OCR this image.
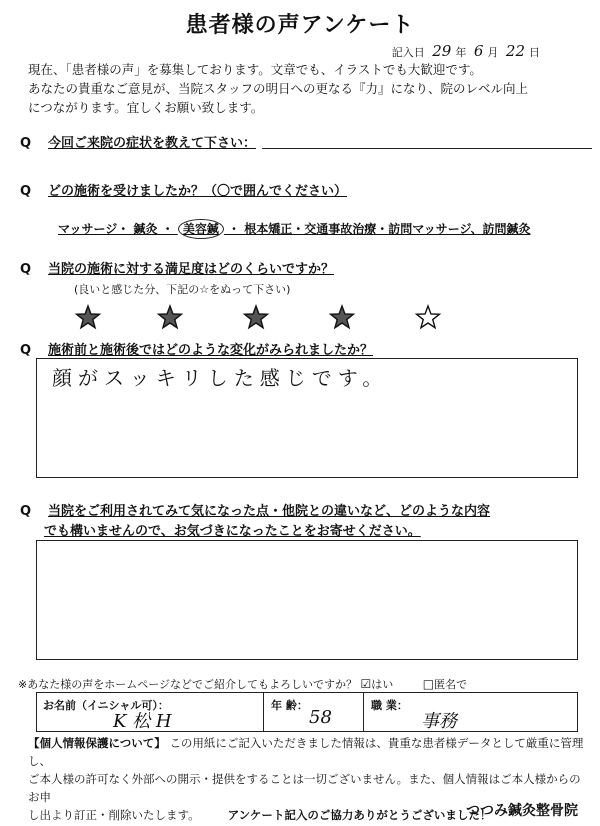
患者様の声アンケート
記入日 29 年 6 月 22 日
現在、「患者様の声」を募集しております。文章でも、イラストでも大歓迎です。
あなたの貴重なご意見が、当院スタッフの明日への更なる『力』になり、院のレベル向上
につながります。宜しくお願い致します。
Q 今回ご来院の症状を教えて下さい：
Q どの施術を受けましたか？（〇で囲んでください）
マッサージ・ 鍼灸 ・ 美容鍼 ・ 根本矯正・交通事故治療・訪問マッサージ、訪問鍼灸
Q 当院の施術に対する満足度はどのくらいですか？
(良いと感じた分、下記の☆をぬって下さい)
Q 施術前と施術後ではどのような変化がみられましたか？
顔がスッキリした感じです。
Q 当院をご利用されてみて気になった点・他院との違いなど、どのような内容
でも構いませんので、お気づきになったことをお寄せください。
※あなた様の声をホームページなどでご紹介してもよろしいですか？ ☑はい □匿名で
お名前（イニシャル可）：
K 松 H
年 齢：
58
職 業：
事務
【個人情報保護について】 この用紙にご記入いただきました情報は、貴重な患者様データとして厳重に管理し、
ご本人様の許可なく外部への開示・提供をすることは一切ございません。また、個人情報はご本人様からのお申
し出より訂正・削除いたします。 アンケート記入のご協力ありがとうございました！
つつみ鍼灸整骨院
